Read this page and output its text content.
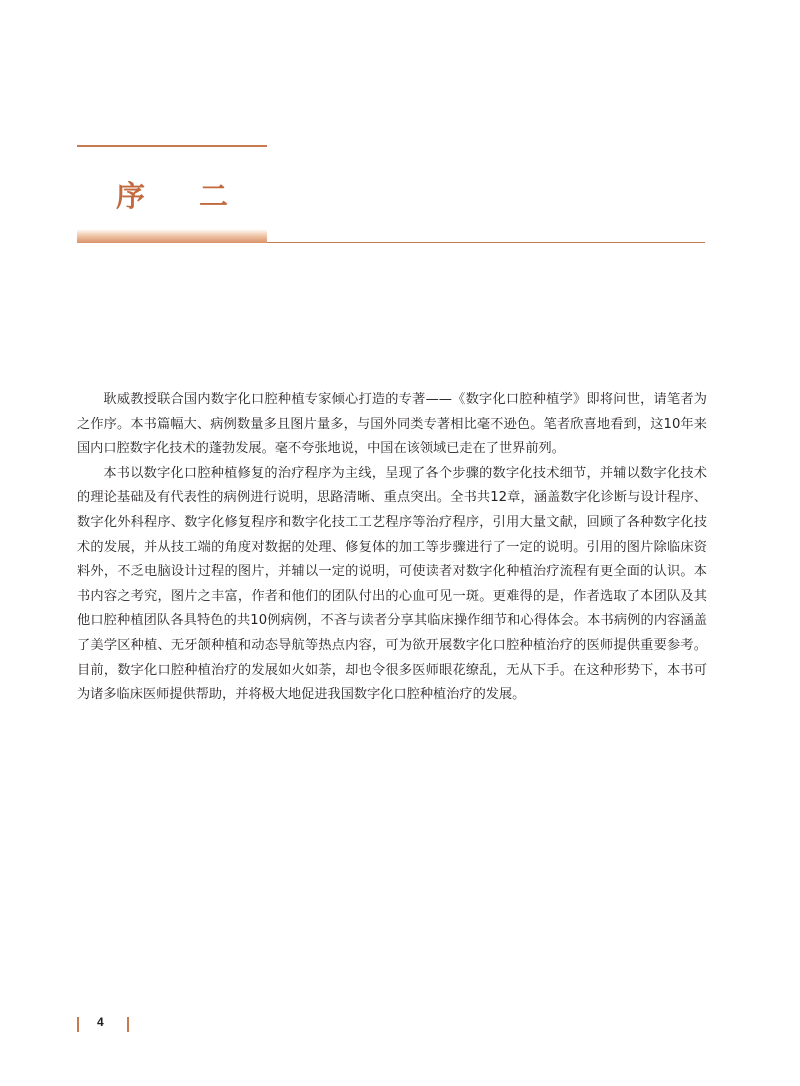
序 二

耿威教授联合国内数字化口腔种植专家倾心打造的专著——《数字化口腔种植学》即将问世，请笔者为之作序。本书篇幅大、病例数量多且图片量多，与国外同类专著相比毫不逊色。笔者欣喜地看到，这10年来国内口腔数字化技术的蓬勃发展。毫不夸张地说，中国在该领域已走在了世界前列。

本书以数字化口腔种植修复的治疗程序为主线，呈现了各个步骤的数字化技术细节，并辅以数字化技术的理论基础及有代表性的病例进行说明，思路清晰、重点突出。全书共12章，涵盖数字化诊断与设计程序、数字化外科程序、数字化修复程序和数字化技工工艺程序等治疗程序，引用大量文献，回顾了各种数字化技术的发展，并从技工端的角度对数据的处理、修复体的加工等步骤进行了一定的说明。引用的图片除临床资料外，不乏电脑设计过程的图片，并辅以一定的说明，可使读者对数字化种植治疗流程有更全面的认识。本书内容之考究，图片之丰富，作者和他们的团队付出的心血可见一斑。更难得的是，作者选取了本团队及其他口腔种植团队各具特色的共10例病例，不吝与读者分享其临床操作细节和心得体会。本书病例的内容涵盖了美学区种植、无牙颌种植和动态导航等热点内容，可为欲开展数字化口腔种植治疗的医师提供重要参考。目前，数字化口腔种植治疗的发展如火如荼，却也令很多医师眼花缭乱，无从下手。在这种形势下，本书可为诸多临床医师提供帮助，并将极大地促进我国数字化口腔种植治疗的发展。

4
